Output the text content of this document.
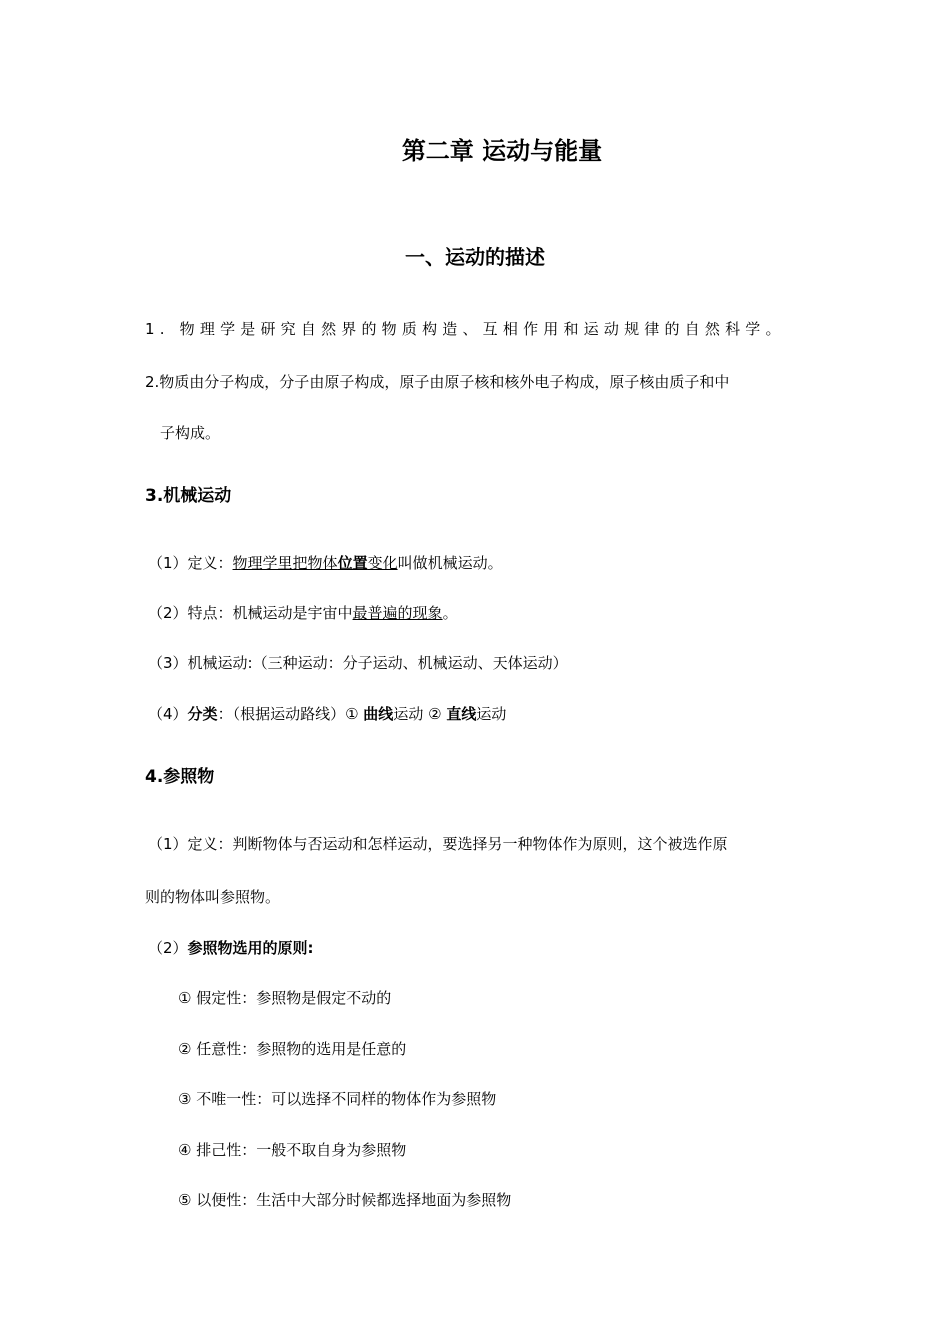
第二章 运动与能量
一、运动的描述
1. 物理学是研究自然界的物质构造、互相作用和运动规律的自然科学。
2.物质由分子构成，分子由原子构成，原子由原子核和核外电子构成，原子核由质子和中
子构成。
3.机械运动
（1）定义：物理学里把物体位置变化叫做机械运动。
（2）特点：机械运动是宇宙中最普遍的现象。
（3）机械运动:（三种运动：分子运动、机械运动、天体运动）
（4）分类：（根据运动路线）① 曲线运动 ② 直线运动
4.参照物
（1）定义：判断物体与否运动和怎样运动，要选择另一种物体作为原则，这个被选作原
则的物体叫参照物。
（2）参照物选用的原则:
① 假定性：参照物是假定不动的
② 任意性：参照物的选用是任意的
③ 不唯一性：可以选择不同样的物体作为参照物
④ 排己性：一般不取自身为参照物
⑤ 以便性：生活中大部分时候都选择地面为参照物
